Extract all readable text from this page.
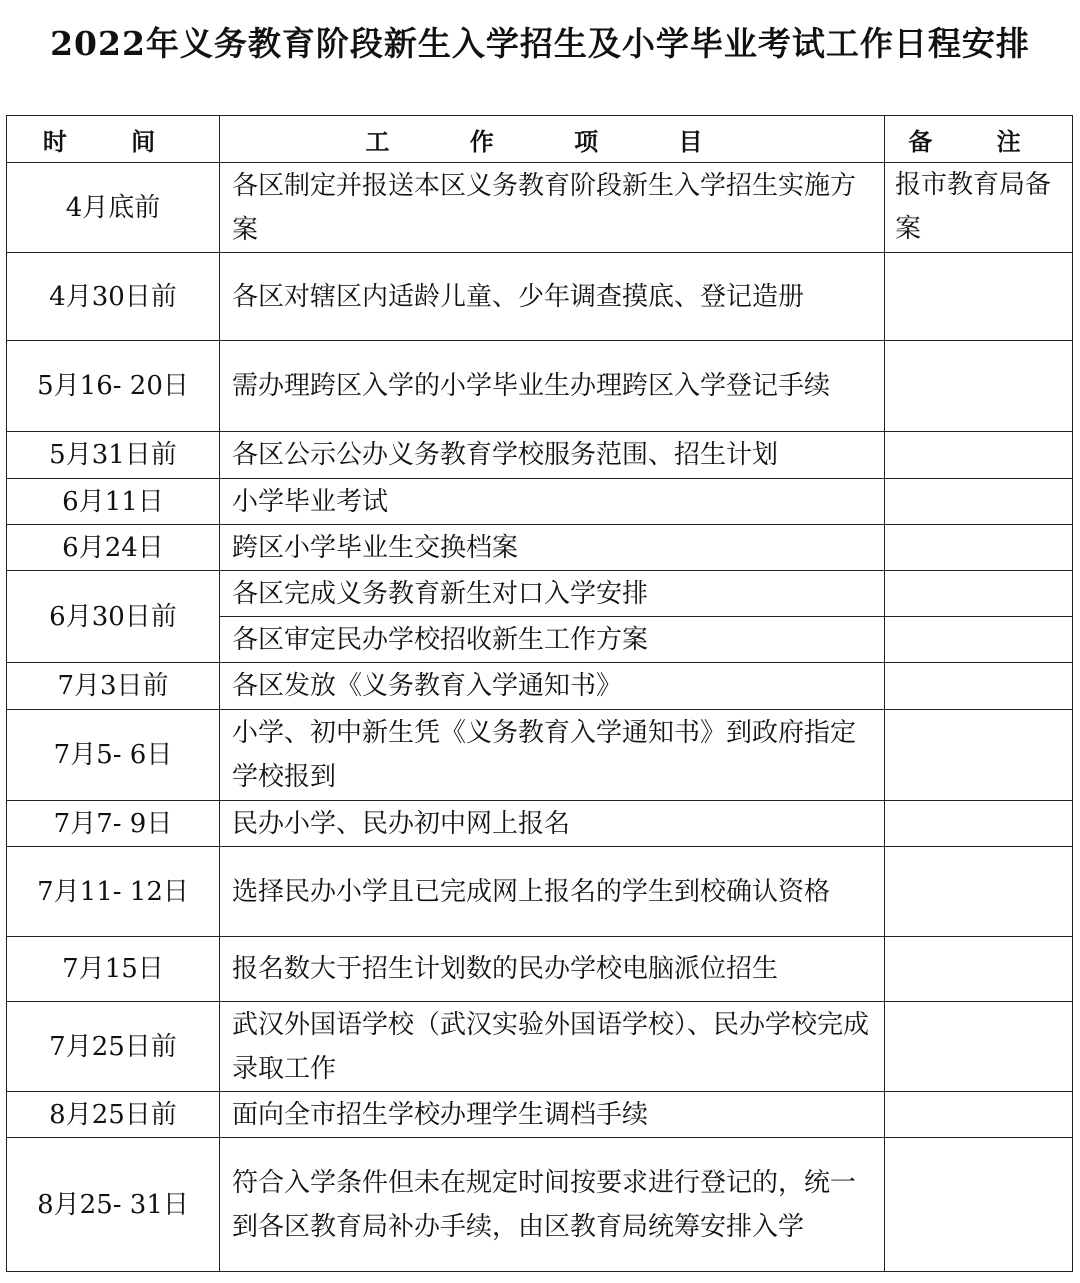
2022年义务教育阶段新生入学招生及小学毕业考试工作日程安排
时 间	工 作 项 目	备 注
4月底前	各区制定并报送本区义务教育阶段新生入学招生实施方案	报市教育局备案
4月30日前	各区对辖区内适龄儿童、少年调查摸底、登记造册	
5月16- 20日	需办理跨区入学的小学毕业生办理跨区入学登记手续	
5月31日前	各区公示公办义务教育学校服务范围、招生计划	
6月11日	小学毕业考试	
6月24日	跨区小学毕业生交换档案	
6月30日前	各区完成义务教育新生对口入学安排	
	各区审定民办学校招收新生工作方案	
7月3日前	各区发放《义务教育入学通知书》	
7月5- 6日	小学、初中新生凭《义务教育入学通知书》到政府指定学校报到	
7月7- 9日	民办小学、民办初中网上报名	
7月11- 12日	选择民办小学且已完成网上报名的学生到校确认资格	
7月15日	报名数大于招生计划数的民办学校电脑派位招生	
7月25日前	武汉外国语学校（武汉实验外国语学校）、民办学校完成录取工作	
8月25日前	面向全市招生学校办理学生调档手续	
8月25- 31日	符合入学条件但未在规定时间按要求进行登记的，统一到各区教育局补办手续，由区教育局统筹安排入学	
